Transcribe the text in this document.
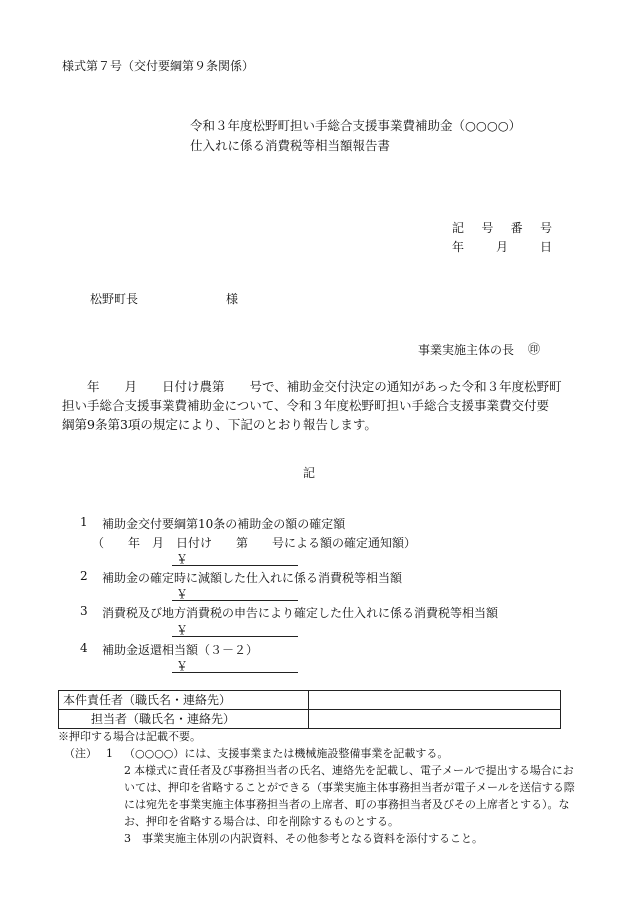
様式第７号（交付要綱第９条関係）
令和３年度松野町担い手総合支援事業費補助金（○○○○）
仕入れに係る消費税等相当額報告書
記 号 番 号
年	月	日
松野町長	様
事業実施主体の長 ㊞
　　年　　月　　日付け農第　　号で、補助金交付決定の通知があった令和３年度松野町
担い手総合支援事業費補助金について、令和３年度松野町担い手総合支援事業費交付要
綱第9条第3項の規定により、下記のとおり報告します。
記
1 補助金交付要綱第10条の補助金の額の確定額
（　　年　月　日付け　　第　　号による額の確定通知額）
￥
2 補助金の確定時に減額した仕入れに係る消費税等相当額
￥
3 消費税及び地方消費税の申告により確定した仕入れに係る消費税等相当額
￥
4 補助金返還相当額（３－２）
￥
本件責任者（職氏名・連絡先）	
担当者（職氏名・連絡先）	
※押印する場合は記載不要。
（注） 1 （○○○○）には、支援事業または機械施設整備事業を記載する。
2 本様式に責任者及び事務担当者の氏名、連絡先を記載し、電子メールで提出する場合にお
いては、押印を省略することができる（事業実施主体事務担当者が電子メールを送信する際
には宛先を事業実施主体事務担当者の上席者、町の事務担当者及びその上席者とする）。な
お、押印を省略する場合は、印を削除するものとする。
3 事業実施主体別の内訳資料、その他参考となる資料を添付すること。
